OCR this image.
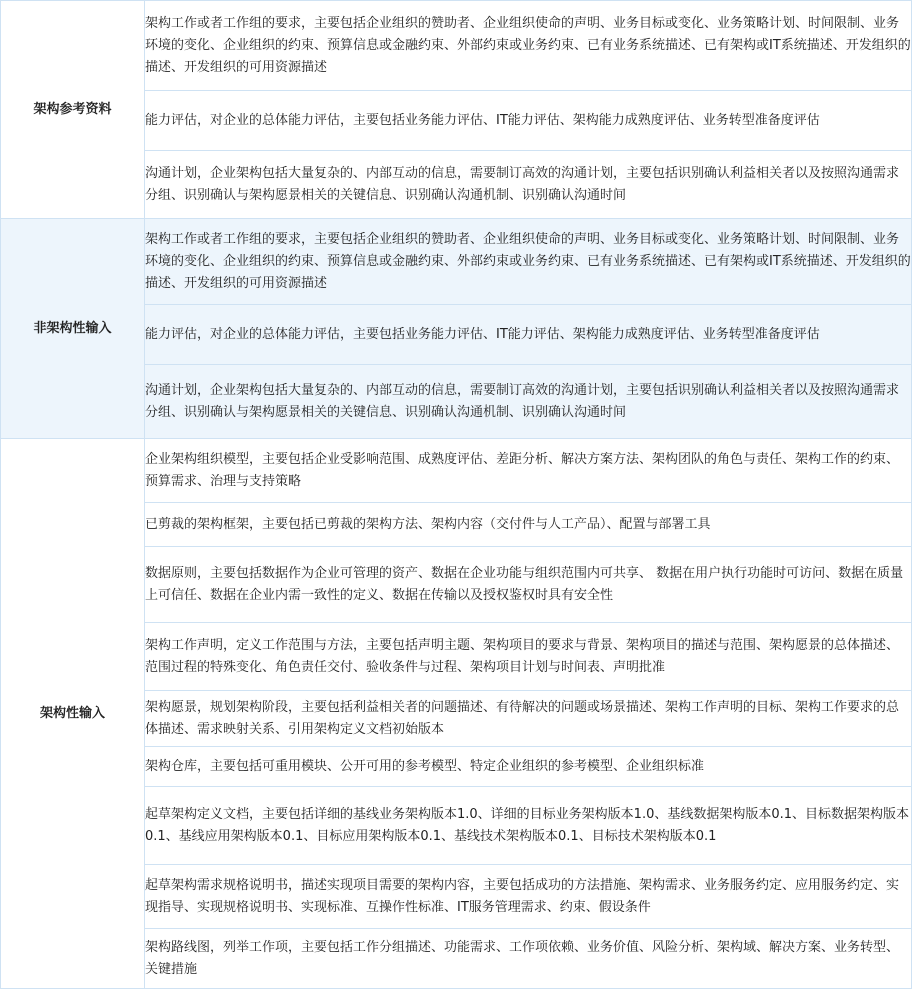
架构参考资料	架构工作或者工作组的要求，主要包括企业组织的赞助者、企业组织使命的声明、业务目标或变化、业务策略计划、时间限制、业务环境的变化、企业组织的约束、预算信息或金融约束、外部约束或业务约束、已有业务系统描述、已有架构或IT系统描述、开发组织的描述、开发组织的可用资源描述
	能力评估，对企业的总体能力评估，主要包括业务能力评估、IT能力评估、架构能力成熟度评估、业务转型准备度评估
	沟通计划，企业架构包括大量复杂的、内部互动的信息，需要制订高效的沟通计划，主要包括识别确认利益相关者以及按照沟通需求分组、识别确认与架构愿景相关的关键信息、识别确认沟通机制、识别确认沟通时间
非架构性输入	架构工作或者工作组的要求，主要包括企业组织的赞助者、企业组织使命的声明、业务目标或变化、业务策略计划、时间限制、业务环境的变化、企业组织的约束、预算信息或金融约束、外部约束或业务约束、已有业务系统描述、已有架构或IT系统描述、开发组织的描述、开发组织的可用资源描述
	能力评估，对企业的总体能力评估，主要包括业务能力评估、IT能力评估、架构能力成熟度评估、业务转型准备度评估
	沟通计划，企业架构包括大量复杂的、内部互动的信息，需要制订高效的沟通计划，主要包括识别确认利益相关者以及按照沟通需求分组、识别确认与架构愿景相关的关键信息、识别确认沟通机制、识别确认沟通时间
架构性输入	企业架构组织模型，主要包括企业受影响范围、成熟度评估、差距分析、解决方案方法、架构团队的角色与责任、架构工作的约束、预算需求、治理与支持策略
	已剪裁的架构框架，主要包括已剪裁的架构方法、架构内容（交付件与人工产品）、配置与部署工具
	数据原则，主要包括数据作为企业可管理的资产、数据在企业功能与组织范围内可共享、 数据在用户执行功能时可访问、数据在质量上可信任、数据在企业内需一致性的定义、数据在传输以及授权鉴权时具有安全性
	架构工作声明，定义工作范围与方法，主要包括声明主题、架构项目的要求与背景、架构项目的描述与范围、架构愿景的总体描述、范围过程的特殊变化、角色责任交付、验收条件与过程、架构项目计划与时间表、声明批准
	架构愿景，规划架构阶段，主要包括利益相关者的问题描述、有待解决的问题或场景描述、架构工作声明的目标、架构工作要求的总体描述、需求映射关系、引用架构定义文档初始版本
	架构仓库，主要包括可重用模块、公开可用的参考模型、特定企业组织的参考模型、企业组织标准
	起草架构定义文档，主要包括详细的基线业务架构版本1.0、详细的目标业务架构版本1.0、基线数据架构版本0.1、目标数据架构版本0.1、基线应用架构版本0.1、目标应用架构版本0.1、基线技术架构版本0.1、目标技术架构版本0.1
	起草架构需求规格说明书，描述实现项目需要的架构内容，主要包括成功的方法措施、架构需求、业务服务约定、应用服务约定、实现指导、实现规格说明书、实现标准、互操作性标准、IT服务管理需求、约束、假设条件
	架构路线图，列举工作项，主要包括工作分组描述、功能需求、工作项依赖、业务价值、风险分析、架构域、解决方案、业务转型、关键措施
